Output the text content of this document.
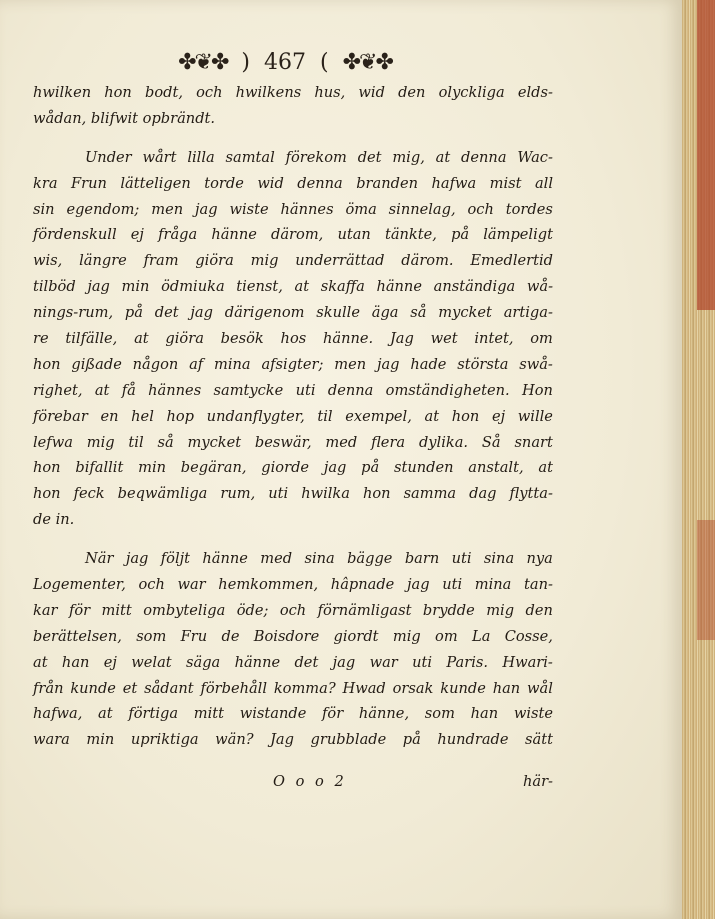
✤❦✤ ) 467 ( ✤❦✤
hwilken hon bodt, och hwilkens hus, wid den olyckliga elds-
wådan, blifwit opbrändt.
Under wårt lilla samtal förekom det mig, at denna Wac-
kra Frun lätteligen torde wid denna branden hafwa mist all
sin egendom; men jag wiste hännes öma sinnelag, och tordes
fördenskull ej fråga hänne därom, utan tänkte, på lämpeligt
wis, längre fram giöra mig underrättad därom. Emedlertid
tilböd jag min ödmiuka tienst, at skaffa hänne anständiga wå-
nings-rum, på det jag därigenom skulle äga så mycket artiga-
re tilfälle, at giöra besök hos hänne. Jag wet intet, om
hon gißade någon af mina afsigter; men jag hade största swå-
righet, at få hännes samtycke uti denna omständigheten. Hon
förebar en hel hop undanflygter, til exempel, at hon ej wille
lefwa mig til så mycket beswär, med flera dylika. Så snart
hon bifallit min begäran, giorde jag på stunden anstalt, at
hon feck beqwämliga rum, uti hwilka hon samma dag flytta-
de in.
När jag följt hänne med sina bägge barn uti sina nya
Logementer, och war hemkommen, hâpnade jag uti mina tan-
kar för mitt ombyteliga öde; och förnämligast brydde mig den
berättelsen, som Fru de Boisdore giordt mig om La Cosse,
at han ej welat säga hänne det jag war uti Paris. Hwari-
från kunde et sådant förbehåll komma? Hwad orsak kunde han wål
hafwa, at förtiga mitt wistande för hänne, som han wiste
wara min upriktiga wän? Jag grubblade på hundrade sätt
O o o 2	här-
